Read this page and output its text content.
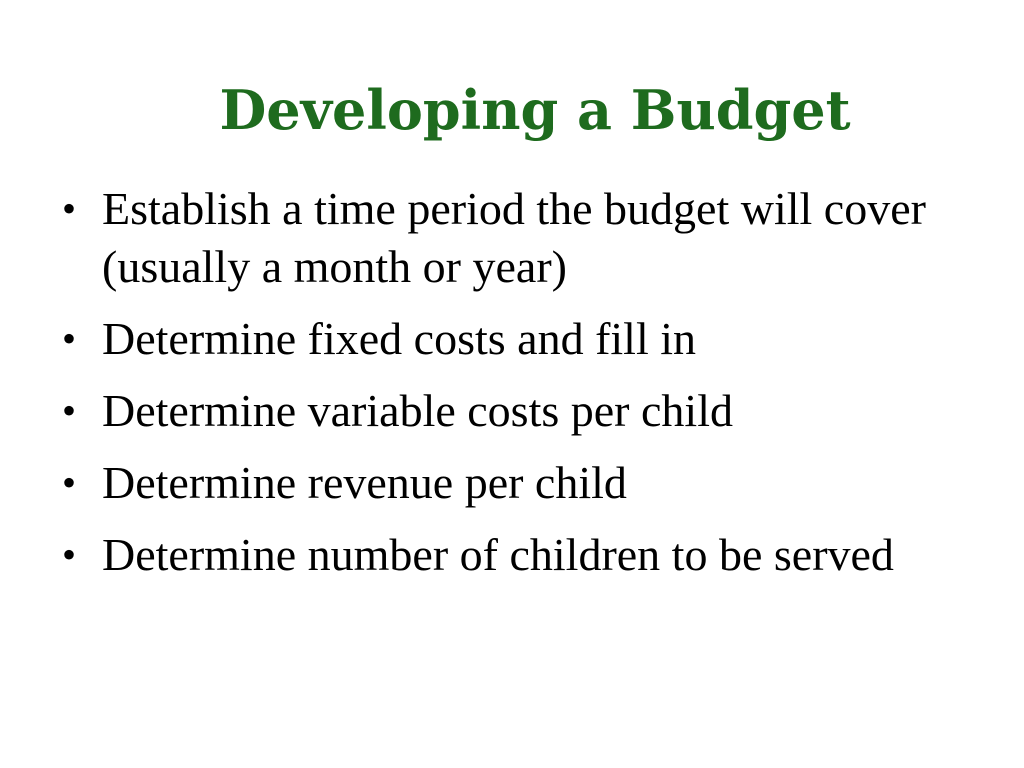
Developing a Budget
• Establish a time period the budget will cover (usually a month or year)
• Determine fixed costs and fill in
• Determine variable costs per child
• Determine revenue per child
• Determine number of children to be served
